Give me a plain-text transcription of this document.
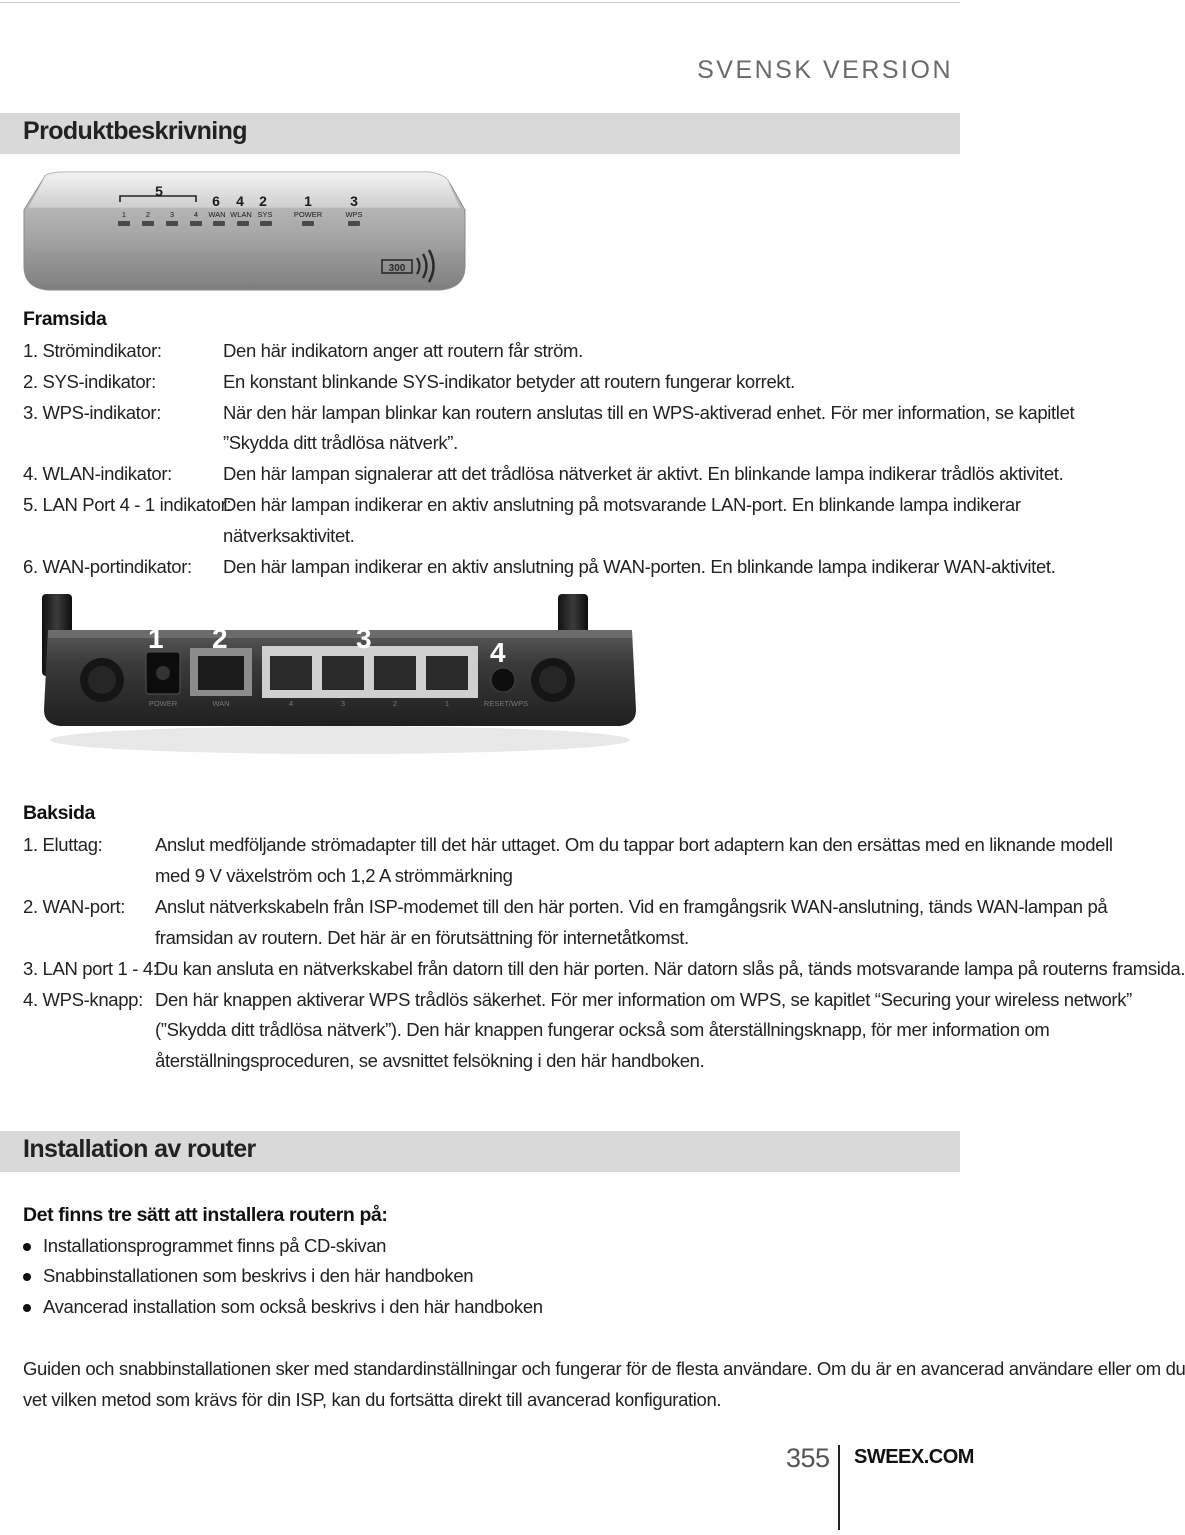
SVENSK VERSION
Produktbeskrivning
5
6 4 2	1	3
1	2	3	4 WAN WLAN SYS	POWER	WPS
300
Framsida
1. Strömindikator:	Den här indikatorn anger att routern får ström.
2. SYS-indikator:	En konstant blinkande SYS-indikator betyder att routern fungerar korrekt.
3. WPS-indikator:	När den här lampan blinkar kan routern anslutas till en WPS-aktiverad enhet. För mer information, se kapitlet
”Skydda ditt trådlösa nätverk”.
4. WLAN-indikator:	Den här lampan signalerar att det trådlösa nätverket är aktivt. En blinkande lampa indikerar trådlös aktivitet.
5. LAN Port 4 - 1 indikator:
Den här lampan indikerar en aktiv anslutning på motsvarande LAN-port. En blinkande lampa indikerar
nätverksaktivitet.
6. WAN-portindikator: Den här lampan indikerar en aktiv anslutning på WAN-porten. En blinkande lampa indikerar WAN-aktivitet.
1 2	3	4
POWER	WAN	4	3	2	1	RESET/WPS
Baksida
1. Eluttag:	Anslut medföljande strömadapter till det här uttaget. Om du tappar bort adaptern kan den ersättas med en liknande modell
med 9 V växelström och 1,2 A strömmärkning
2. WAN-port: Anslut nätverkskabeln från ISP-modemet till den här porten. Vid en framgångsrik WAN-anslutning, tänds WAN-lampan på
framsidan av routern. Det här är en förutsättning för internetåtkomst.
3. LAN port 1 - 4:
Du kan ansluta en nätverkskabel från datorn till den här porten. När datorn slås på, tänds motsvarande lampa på routerns framsida.
4. WPS-knapp: Den här knappen aktiverar WPS trådlös säkerhet. För mer information om WPS, se kapitlet “Securing your wireless network”
(”Skydda ditt trådlösa nätverk”). Den här knappen fungerar också som återställningsknapp, för mer information om
återställningsproceduren, se avsnittet felsökning i den här handboken.
Installation av router
Det finns tre sätt att installera routern på:
Installationsprogrammet finns på CD-skivan
Snabbinstallationen som beskrivs i den här handboken
Avancerad installation som också beskrivs i den här handboken
Guiden och snabbinstallationen sker med standardinställningar och fungerar för de flesta användare. Om du är en avancerad användare eller om du
vet vilken metod som krävs för din ISP, kan du fortsätta direkt till avancerad konfiguration.
355 SWEEX.COM
